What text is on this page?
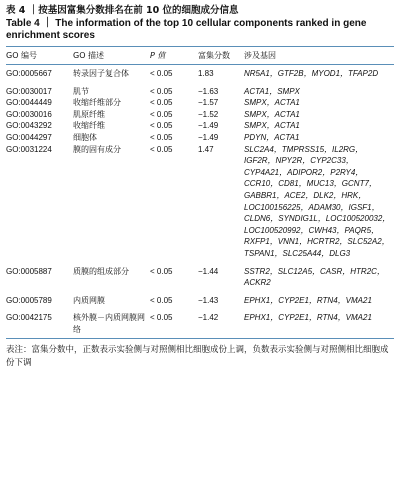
表 4 ｜按基因富集分数排名在前 10 位的细胞成分信息
Table 4 ｜ The information of the top 10 cellular components ranked in gene enrichment scores
GO 编号	GO 描述	P 值	富集分数	涉及基因

GO:0005667	转录因子复合体	< 0.05	1.83	NR5A1，GTF2B，MYOD1，TFAP2D
GO:0030017	肌节	< 0.05	−1.63	ACTA1，SMPX
GO:0044449	收缩纤维部分	< 0.05	−1.57	SMPX，ACTA1
GO:0030016	肌原纤维	< 0.05	−1.52	SMPX，ACTA1
GO:0043292	收缩纤维	< 0.05	−1.49	SMPX，ACTA1
GO:0044297	细胞体	< 0.05	−1.49	PDYN，ACTA1
GO:0031224	膜的固有成分	< 0.05	1.47	SLC2A4，TMPRSS15，IL2RG，IGF2R，NPY2R，CYP2C33，CYP4A21，ADIPOR2，P2RY4，CCR10，CD81，MUC13，GCNT7，GABBR1，ACE2，DLK2，HRK，LOC100156225，ADAM30，IGSF1，CLDN6，SYNDIG1L，LOC100520032，LOC100520992，CWH43，PAQR5，RXFP1，VNN1，HCRTR2，SLC52A2，TSPAN1，SLC25A44，DLG3
GO:0005887	质膜的组成部分	< 0.05	−1.44	SSTR2，SLC12A5，CASR，HTR2C，ACKR2
GO:0005789	内质网膜	< 0.05	−1.43	EPHX1，CYP2E1，RTN4，VMA21
GO:0042175	核外膜－内质网膜网络	< 0.05	−1.42	EPHX1，CYP2E1，RTN4，VMA21
表注：富集分数中，正数表示实验侧与对照侧相比细胞成份上调，负数表示实验侧与对照侧相比细胞成份下调
